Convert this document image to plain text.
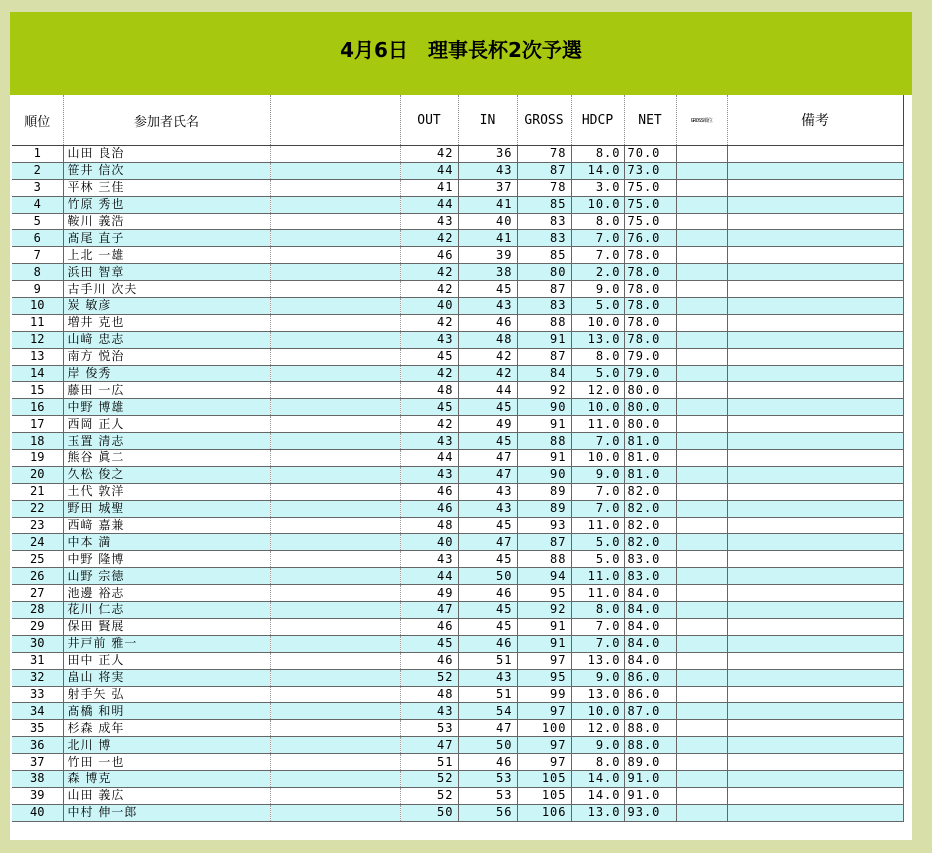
4月6日　理事長杯2次予選
順位	参加者氏名		OUT	IN	GROSS	HDCP	NET	GROSS順位	備考
1	山田 良治		42	36	78	8.0	70.0		
2	笹井 信次		44	43	87	14.0	73.0		
3	平林 三佳		41	37	78	3.0	75.0		
4	竹原 秀也		44	41	85	10.0	75.0		
5	鞍川 義浩		43	40	83	8.0	75.0		
6	髙尾 直子		42	41	83	7.0	76.0		
7	上北 一雄		46	39	85	7.0	78.0		
8	浜田 智章		42	38	80	2.0	78.0		
9	古手川 次夫		42	45	87	9.0	78.0		
10	炭 敏彦		40	43	83	5.0	78.0		
11	増井 克也		42	46	88	10.0	78.0		
12	山﨑 忠志		43	48	91	13.0	78.0		
13	南方 悦治		45	42	87	8.0	79.0		
14	岸 俊秀		42	42	84	5.0	79.0		
15	藤田 一広		48	44	92	12.0	80.0		
16	中野 博雄		45	45	90	10.0	80.0		
17	西岡 正人		42	49	91	11.0	80.0		
18	玉置 清志		43	45	88	7.0	81.0		
19	熊谷 眞二		44	47	91	10.0	81.0		
20	久松 俊之		43	47	90	9.0	81.0		
21	土代 敦洋		46	43	89	7.0	82.0		
22	野田 城聖		46	43	89	7.0	82.0		
23	西﨑 嘉兼		48	45	93	11.0	82.0		
24	中本 満		40	47	87	5.0	82.0		
25	中野 隆博		43	45	88	5.0	83.0		
26	山野 宗徳		44	50	94	11.0	83.0		
27	池邊 裕志		49	46	95	11.0	84.0		
28	花川 仁志		47	45	92	8.0	84.0		
29	保田 賢展		46	45	91	7.0	84.0		
30	井戸前 雅一		45	46	91	7.0	84.0		
31	田中 正人		46	51	97	13.0	84.0		
32	畠山 将実		52	43	95	9.0	86.0		
33	射手矢 弘		48	51	99	13.0	86.0		
34	髙橋 和明		43	54	97	10.0	87.0		
35	杉森 成年		53	47	100	12.0	88.0		
36	北川 博		47	50	97	9.0	88.0		
37	竹田 一也		51	46	97	8.0	89.0		
38	森 博克		52	53	105	14.0	91.0		
39	山田 義広		52	53	105	14.0	91.0		
40	中村 伸一郎		50	56	106	13.0	93.0		
